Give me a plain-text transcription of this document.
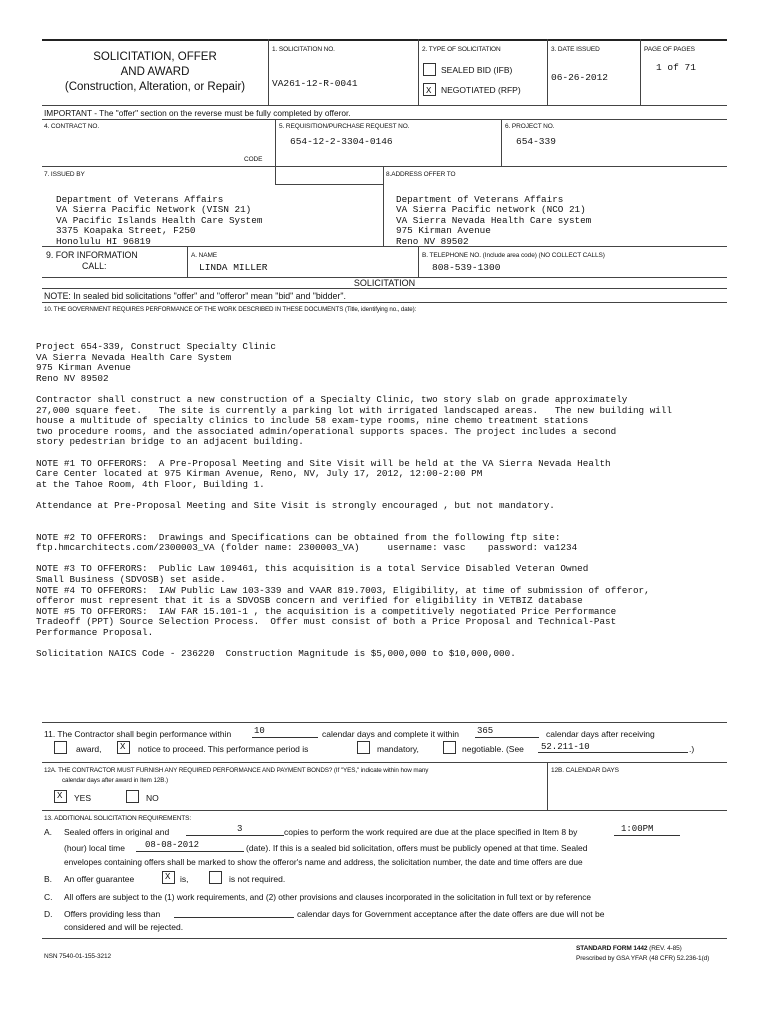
SOLICITATION, OFFER
AND AWARD
(Construction, Alteration, or Repair)
1. SOLICITATION NO.
VA261-12-R-0041
2. TYPE OF SOLICITATION
SEALED BID (IFB)
X NEGOTIATED (RFP)
3. DATE ISSUED
06-26-2012
PAGE OF PAGES
1 of 71
IMPORTANT - The "offer" section on the reverse must be fully completed by offeror.
4. CONTRACT NO.	5. REQUISITION/PURCHASE REQUEST NO.
654-12-2-3304-0146
6. PROJECT NO.
654-339
CODE
7. ISSUED BY

Department of Veterans Affairs
VA Sierra Pacific Network (VISN 21)
VA Pacific Islands Health Care System
3375 Koapaka Street, F250
Honolulu HI 96819

8.ADDRESS OFFER TO

Department of Veterans Affairs
VA Sierra Pacific network (NCO 21)
VA Sierra Nevada Health Care system
975 Kirman Avenue
Reno NV 89502

9. FOR INFORMATION
CALL:
A. NAME
LINDA MILLER
B. TELEPHONE NO. (Include area code) (NO COLLECT CALLS)
808-539-1300
SOLICITATION
NOTE: In sealed bid solicitations "offer" and "offeror" mean "bid" and "bidder".
10. THE GOVERNMENT REQUIRES PERFORMANCE OF THE WORK DESCRIBED IN THESE DOCUMENTS (Title, identifying no., date):
Project 654-339, Construct Specialty Clinic
VA Sierra Nevada Health Care System
975 Kirman Avenue
Reno NV 89502

Contractor shall construct a new construction of a Specialty Clinic, two story slab on grade approximately
27,000 square feet.   The site is currently a parking lot with irrigated landscaped areas.   The new building will
house a multitude of specialty clinics to include 58 exam-type rooms, nine chemo treatment stations
two procedure rooms, and the associated admin/operational supports spaces. The project includes a second
story pedestrian bridge to an adjacent building.

NOTE #1 TO OFFERORS:  A Pre-Proposal Meeting and Site Visit will be held at the VA Sierra Nevada Health
Care Center located at 975 Kirman Avenue, Reno, NV, July 17, 2012, 12:00-2:00 PM
at the Tahoe Room, 4th Floor, Building 1.

Attendance at Pre-Proposal Meeting and Site Visit is strongly encouraged , but not mandatory.

NOTE #2 TO OFFERORS:  Drawings and Specifications can be obtained from the following ftp site:
ftp.hmcarchitects.com/2300003_VA (folder name: 2300003_VA)     username: vasc    password: va1234

NOTE #3 TO OFFERORS:  Public Law 109461, this acquisition is a total Service Disabled Veteran Owned
Small Business (SDVOSB) set aside.
NOTE #4 TO OFFERORS:  IAW Public Law 103-339 and VAAR 819.7003, Eligibility, at time of submission of offeror,
offeror must represent that it is a SDVOSB concern and verified for eligibility in VETBIZ database
NOTE #5 TO OFFERORS:  IAW FAR 15.101-1 , the acquisition is a competitively negotiated Price Performance
Tradeoff (PPT) Source Selection Process.  Offer must consist of both a Price Proposal and Technical-Past
Performance Proposal.

Solicitation NAICS Code - 236220  Construction Magnitude is $5,000,000 to $10,000,000.
11. The Contractor shall begin performance within	10	calendar days and complete it within 365	calendar days after receiving
award, X notice to proceed. This performance period is	mandatory,	negotiable. (See 52.211-10	.)
12A. THE CONTRACTOR MUST FURNISH ANY REQUIRED PERFORMANCE AND PAYMENT BONDS? (If "YES," indicate within how many
calendar days after award in Item 12B.)
12B. CALENDAR DAYS
X YES	NO
13. ADDITIONAL SOLICITATION REQUIREMENTS:
A. Sealed offers in original and	3	copies to perform the work required are due at the place specified in Item 8 by	1:00PM
(hour) local time 08-08-2012	(date). If this is a sealed bid solicitation, offers must be publicly opened at that time. Sealed
envelopes containing offers shall be marked to show the offeror's name and address, the solicitation number, the date and time offers are due
B. An offer guarantee	X is,	is not required.
C. All offers are subject to the (1) work requirements, and (2) other provisions and clauses incorporated in the solicitation in full text or by reference
D. Offers providing less than	calendar days for Government acceptance after the date offers are due will not be
considered and will be rejected.
NSN 7540-01-155-3212
STANDARD FORM 1442 (REV. 4-85)
Prescribed by GSA YFAR (48 CFR) 52.236-1(d)
